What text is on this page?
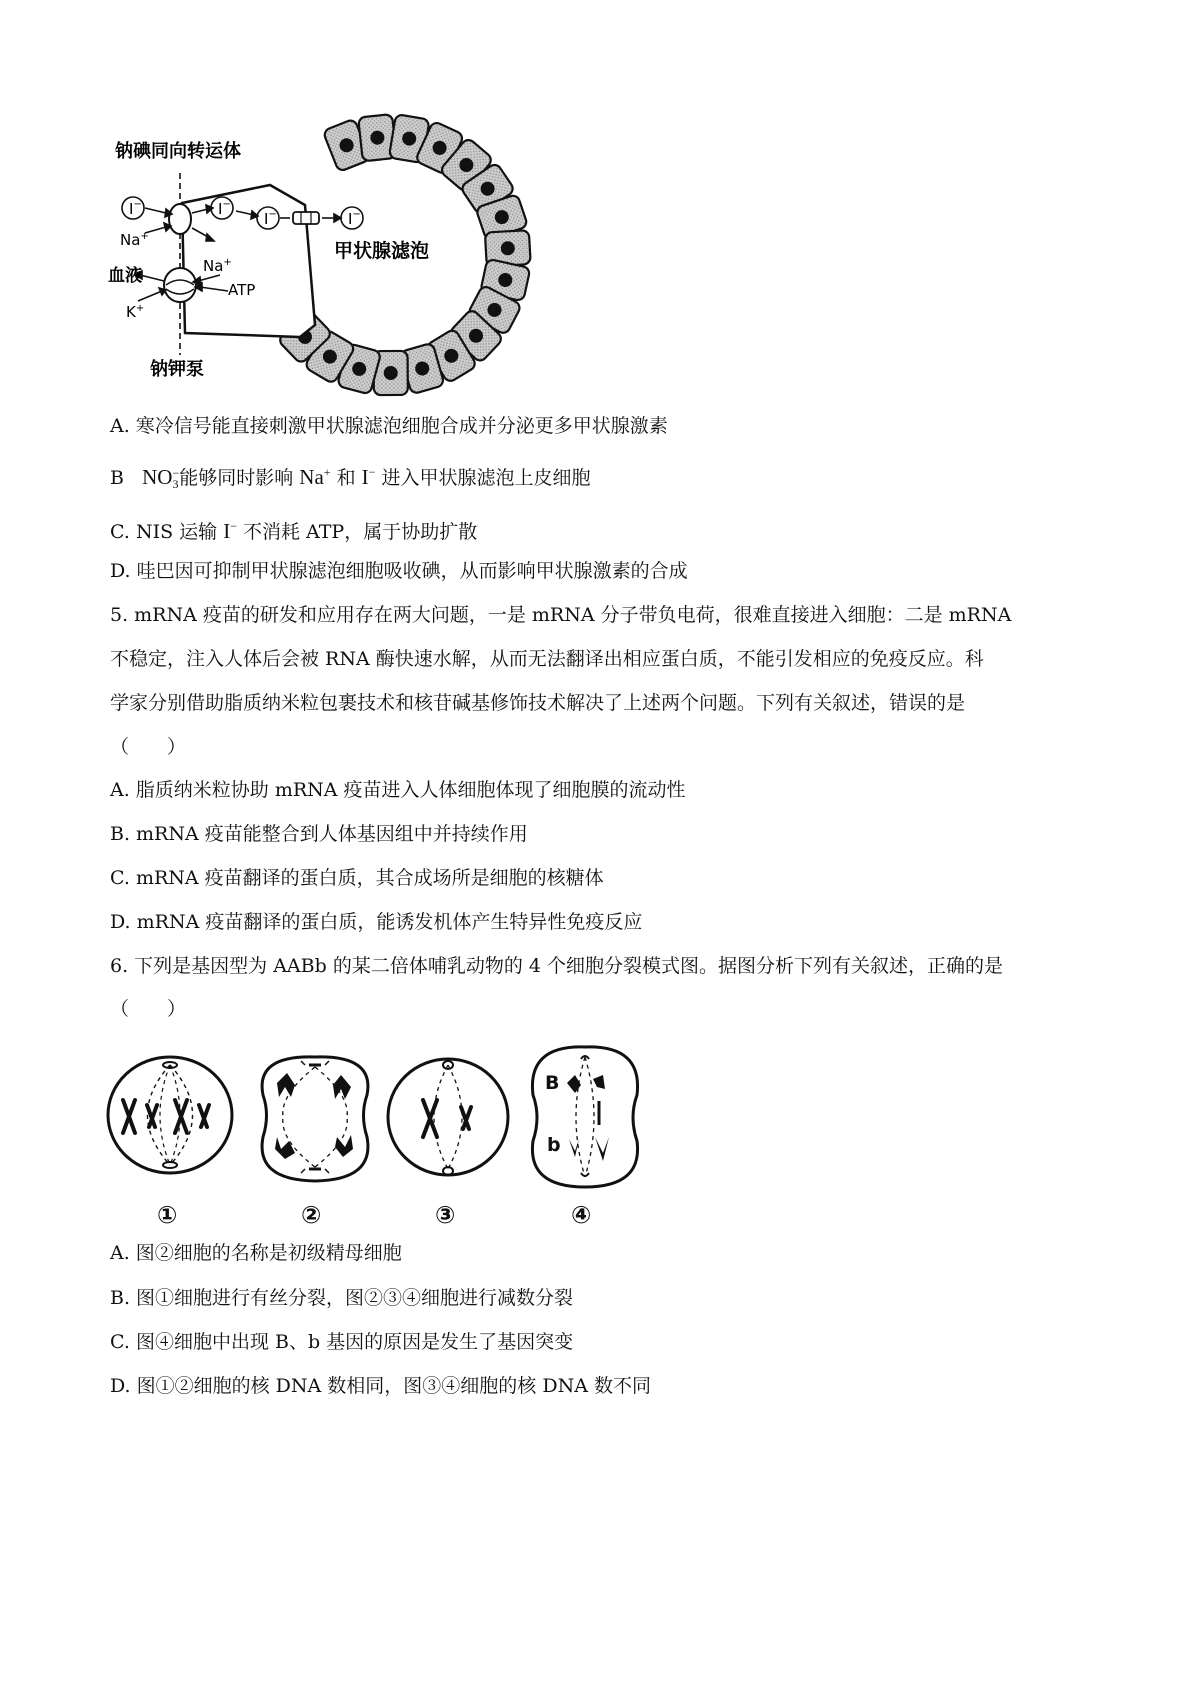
I−	I−
I−	I−
钠碘同向转运体
钠钾泵
血液
甲状腺滤泡
Na+
Na+
K+
ATP
A. 寒冷信号能直接刺激甲状腺滤泡细胞合成并分泌更多甲状腺激素
B NO −
3 能够同时影响 Na+ 和 I− 进入甲状腺滤泡上皮细胞
C. NIS 运输 I− 不消耗 ATP，属于协助扩散
D. 哇巴因可抑制甲状腺滤泡细胞吸收碘，从而影响甲状腺激素的合成
5. mRNA 疫苗的研发和应用存在两大问题，一是 mRNA 分子带负电荷，很难直接进入细胞：二是 mRNA
不稳定，注入人体后会被 RNA 酶快速水解，从而无法翻译出相应蛋白质，不能引发相应的免疫反应。科
学家分别借助脂质纳米粒包裹技术和核苷碱基修饰技术解决了上述两个问题。下列有关叙述，错误的是
（　　）
A. 脂质纳米粒协助 mRNA 疫苗进入人体细胞体现了细胞膜的流动性
B. mRNA 疫苗能整合到人体基因组中并持续作用
C. mRNA 疫苗翻译的蛋白质，其合成场所是细胞的核糖体
D. mRNA 疫苗翻译的蛋白质，能诱发机体产生特异性免疫反应
6. 下列是基因型为 AABb 的某二倍体哺乳动物的 4 个细胞分裂模式图。据图分析下列有关叙述，正确的是
（　　）
B
b
①	②	③	④
A. 图②细胞的名称是初级精母细胞
B. 图①细胞进行有丝分裂，图②③④细胞进行减数分裂
C. 图④细胞中出现 B、b 基因的原因是发生了基因突变
D. 图①②细胞的核 DNA 数相同，图③④细胞的核 DNA 数不同
